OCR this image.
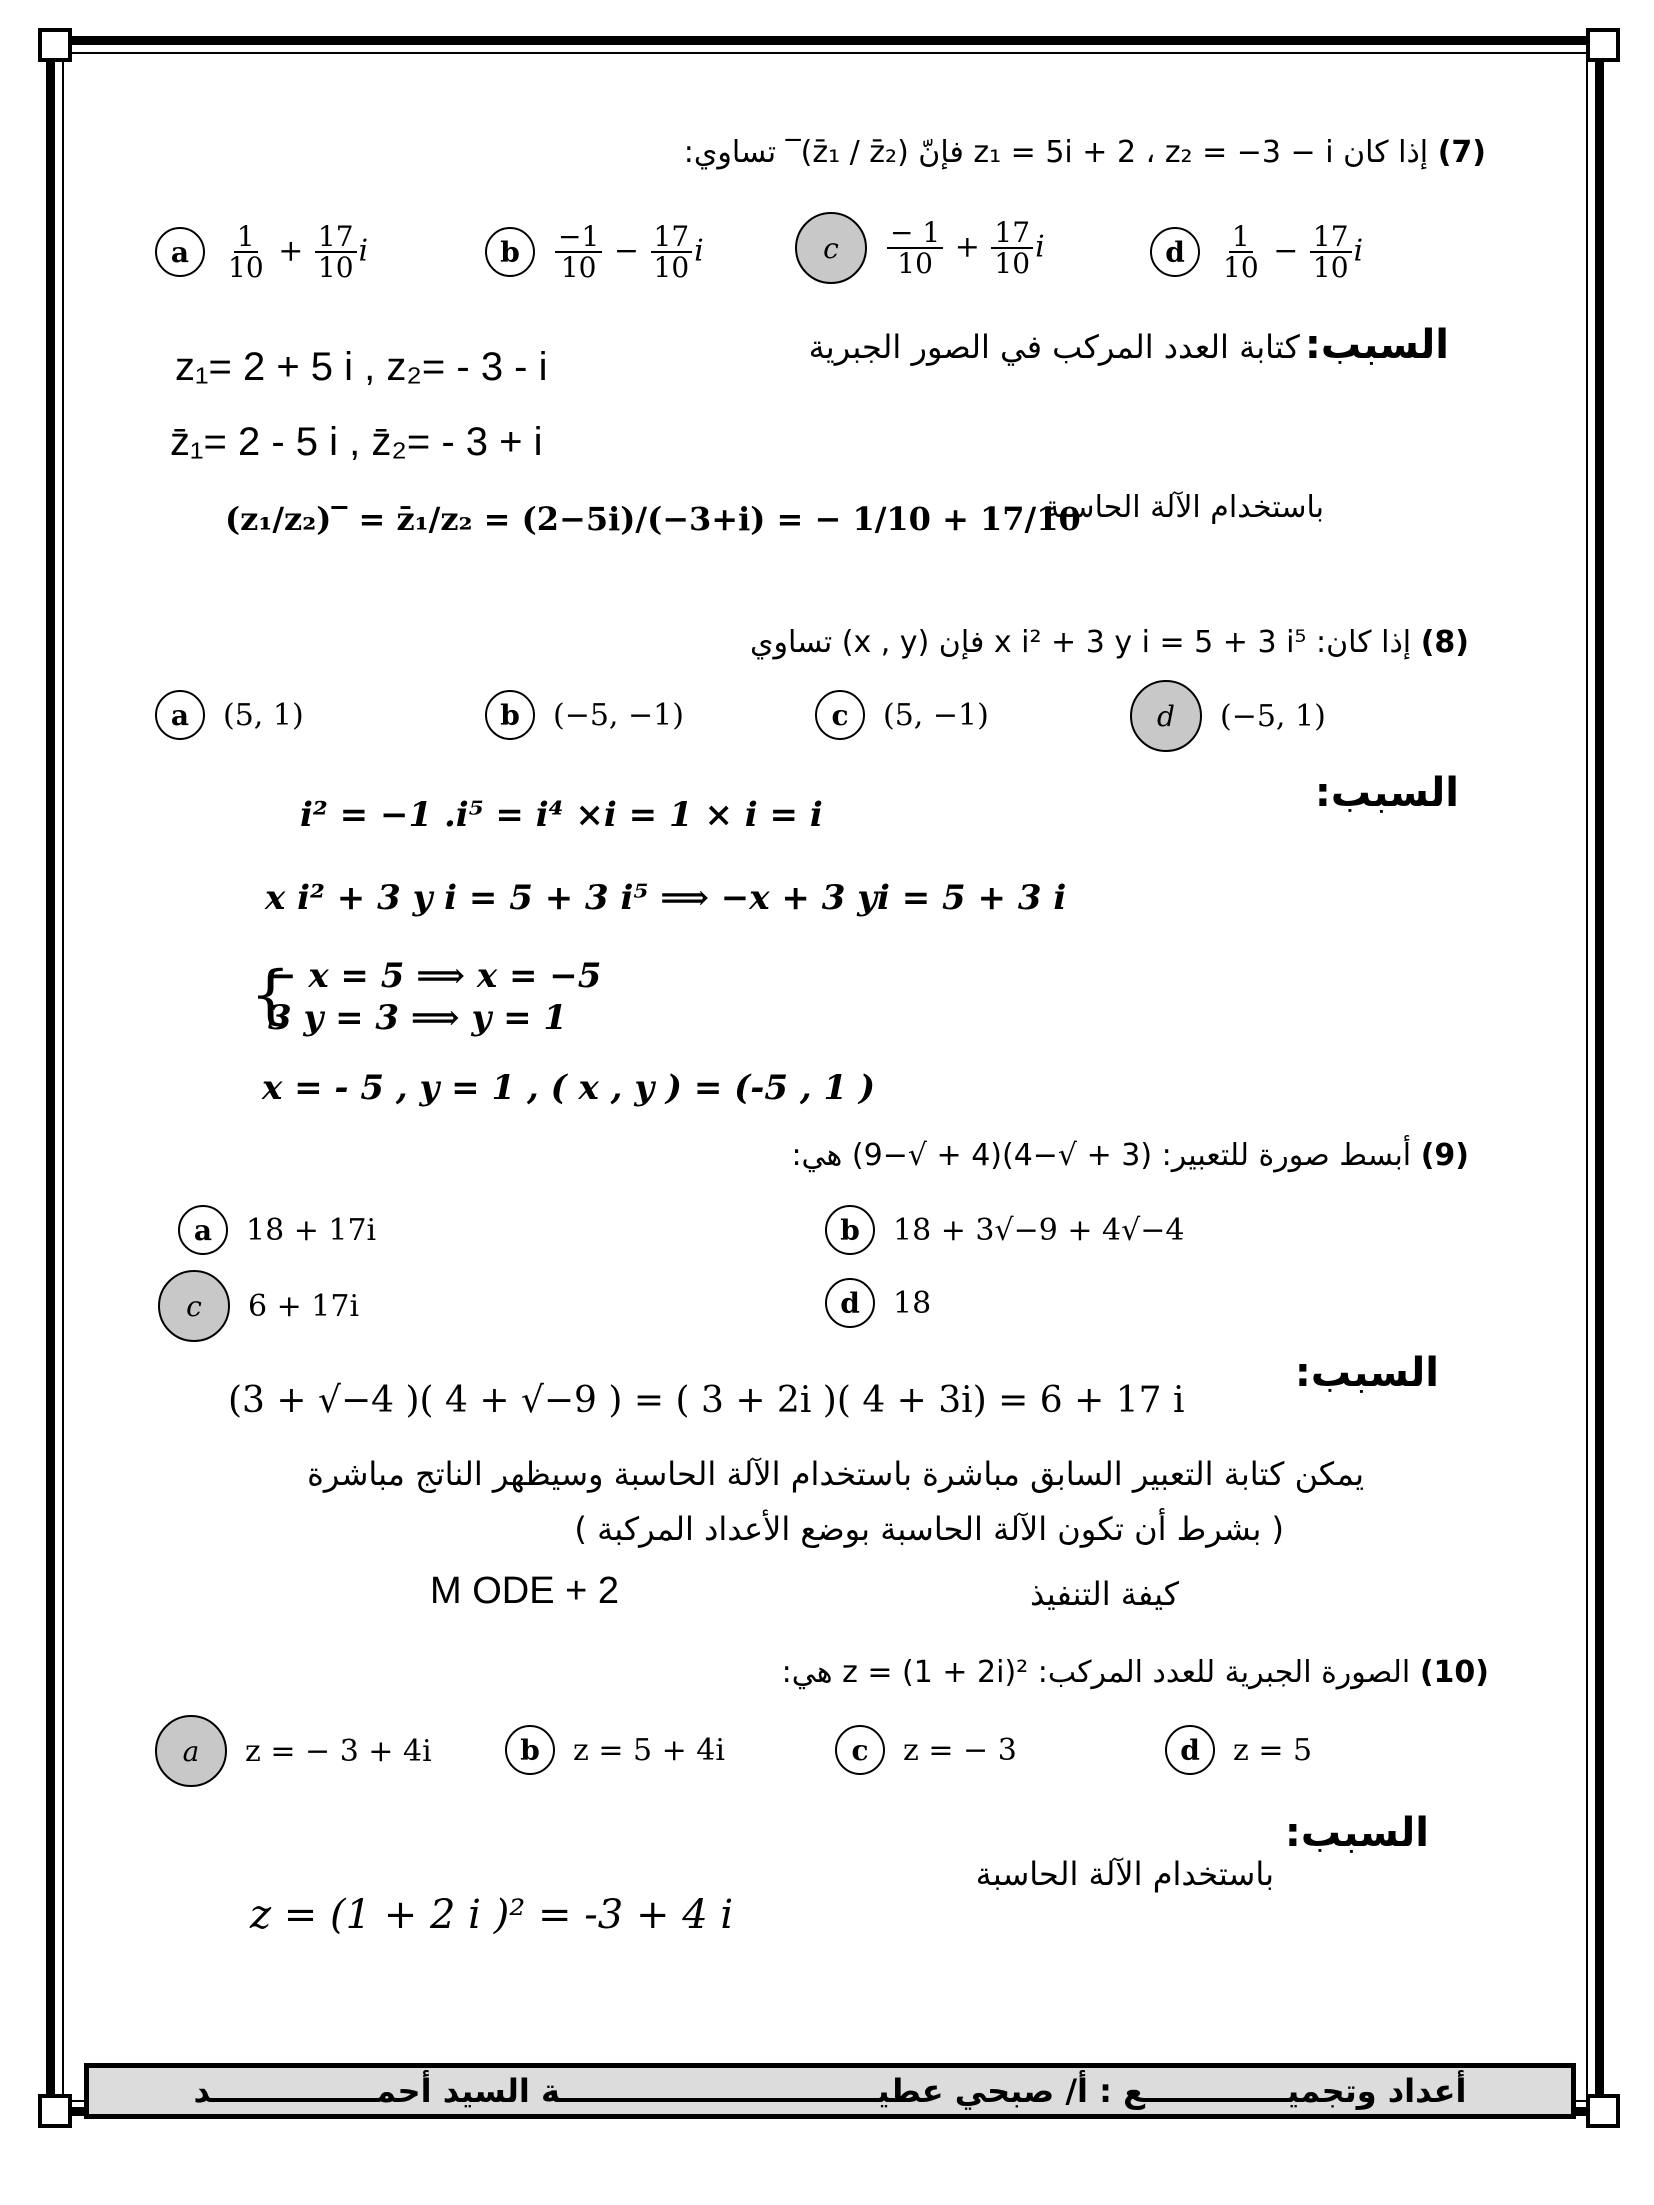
(7) إذا كان z₁ = 5i + 2 ، z₂ = −3 − i فإنّ (z̄₁ / z̄₂)‾ تساوي:
a	$\frac{1}{10} + \frac{17}{10}$ i	b	$\frac{-1}{10} - \frac{17}{10}$ i	c	$\frac{- 1}{10} + \frac{17}{10}$ i	d	$\frac{1}{10} - \frac{17}{10}$ i
السبب: كتابة العدد المركب في الصور الجبرية
z₁= 2 + 5 i , z₂= - 3 - i
z̄₁= 2 - 5 i , z̄₂= - 3 + i
(z₁/z₂)‾ = z̄₁/z₂ = (2−5i)/(−3+i) = − 1/10 + 17/10
باستخدام الآلة الحاسبة
(8) إذا كان: x i² + 3 y i = 5 + 3 i⁵ فإن (x , y) تساوي
a	(5, 1)	b	(−5, −1)	c	(5, −1)	d	(−5, 1)
السبب:
i² = −1 .i⁵ = i⁴ ×i = 1 × i = i
x i² + 3 y i = 5 + 3 i⁵ ⟹ −x + 3 yi = 5 + 3 i
{
− x = 5 ⟹ x = −5
3 y = 3 ⟹ y = 1
x = - 5 , y = 1 , ( x , y ) = (-5 , 1 )
(9) أبسط صورة للتعبير: (3 + √−4)(4 + √−9) هي:
a	18 + 17i	b	18 + 3√−9 + 4√−4
c	6 + 17i	d	18
السبب:
(3 + √−4 )( 4 + √−9 ) = ( 3 + 2i )( 4 + 3i) = 6 + 17 i
يمكن كتابة التعبير السابق مباشرة باستخدام الآلة الحاسبة وسيظهر الناتج مباشرة
( بشرط أن تكون الآلة الحاسبة بوضع الأعداد المركبة )
كيفة التنفيذ
M ODE + 2
(10) الصورة الجبرية للعدد المركب: z = (1 + 2i)² هي:
a	z = − 3 + 4i	b	z = 5 + 4i	c	z = − 3	d	z = 5
السبب:
باستخدام الآلة الحاسبة
z = (1 + 2 i )² = -3 + 4 i
أعداد وتجميـــــــــــــع : أ/ صبحي عطيـــــــــــــــــــــــــــــة السيد أحمـــــــــــــــد
